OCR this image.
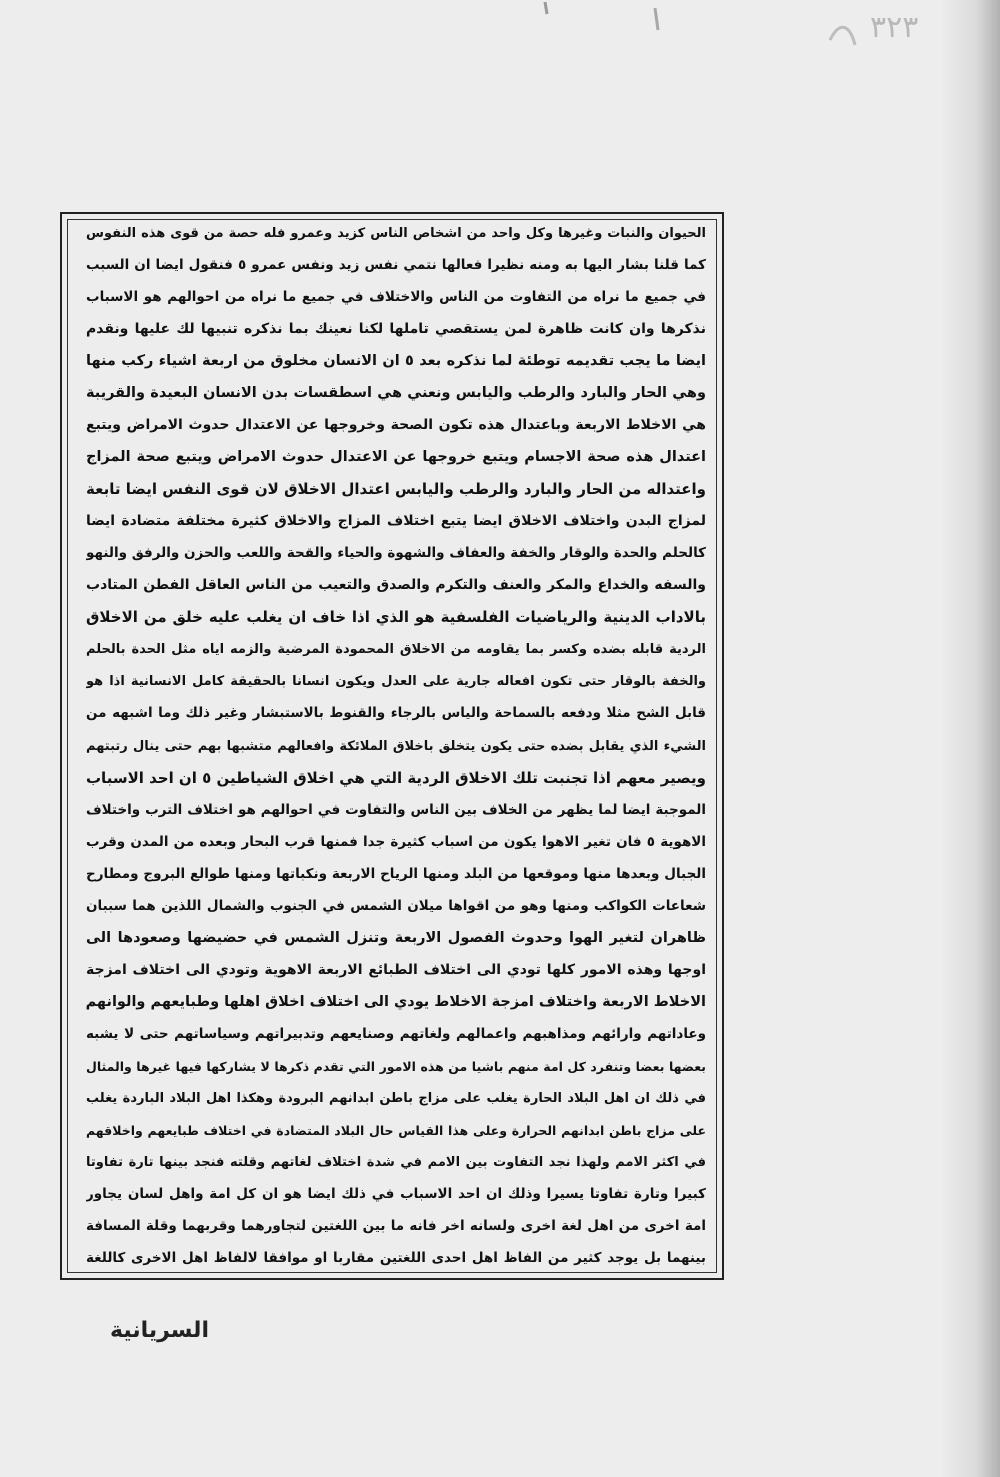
٣٢٣
الحيوان والنبات وغيرها وكل واحد من اشخاص الناس كزيد وعمرو فله حصة من قوى هذه النفوس
كما قلنا بشار اليها به ومنه نظيرا فعالها نتمي نفس زيد ونفس عمرو ٥ فنقول ايضا ان السبب
في جميع ما نراه من التفاوت من الناس والاختلاف في جميع ما نراه من احوالهم هو الاسباب
نذكرها وان كانت ظاهرة لمن يستقصي تاملها لكنا نعينك بما نذكره تنبيها لك عليها ونقدم
ايضا ما يجب تقديمه توطئة لما نذكره بعد ٥ ان الانسان مخلوق من اربعة اشياء ركب منها
وهي الحار والبارد والرطب واليابس ونعني هي اسطقسات بدن الانسان البعيدة والقريبة
هي الاخلاط الاربعة وباعتدال هذه تكون الصحة وخروجها عن الاعتدال حدوث الامراض ويتبع
اعتدال هذه صحة الاجسام ويتبع خروجها عن الاعتدال حدوث الامراض ويتبع صحة المزاج
واعتداله من الحار والبارد والرطب واليابس اعتدال الاخلاق لان قوى النفس ايضا تابعة
لمزاج البدن واختلاف الاخلاق ايضا يتبع اختلاف المزاج والاخلاق كثيرة مختلفة متضادة ايضا
كالحلم والحدة والوقار والخفة والعفاف والشهوة والحياء والقحة واللعب والحزن والرفق والنهو
والسفه والخداع والمكر والعنف والتكرم والصدق والتعيب من الناس العاقل الفطن المتادب
بالاداب الدينية والرياضيات الفلسفية هو الذي اذا خاف ان يغلب عليه خلق من الاخلاق
الردية قابله بضده وكسر بما يقاومه من الاخلاق المحمودة المرضية والزمه اياه مثل الحدة بالحلم
والخفة بالوقار حتى تكون افعاله جارية على العدل ويكون انسانا بالحقيقة كامل الانسانية اذا هو
قابل الشح مثلا ودفعه بالسماحة والياس بالرجاء والقنوط بالاستبشار وغير ذلك وما اشبهه من
الشيء الذي يقابل بضده حتى يكون يتخلق باخلاق الملائكة وافعالهم متشبها بهم حتى ينال رتبتهم
ويصير معهم اذا تجنبت تلك الاخلاق الردية التي هي اخلاق الشياطين ٥ ان احد الاسباب
الموجبة ايضا لما يظهر من الخلاف بين الناس والتفاوت في احوالهم هو اختلاف الترب واختلاف
الاهوية ٥ فان تغير الاهوا يكون من اسباب كثيرة جدا فمنها قرب البحار وبعده من المدن وقرب
الجبال وبعدها منها وموقعها من البلد ومنها الرياح الاربعة ونكباتها ومنها طوالع البروج ومطارح
شعاعات الكواكب ومنها وهو من اقواها ميلان الشمس في الجنوب والشمال اللذين هما سببان
ظاهران لتغير الهوا وحدوث الفصول الاربعة وتنزل الشمس في حضيضها وصعودها الى
اوجها وهذه الامور كلها تودي الى اختلاف الطبائع الاربعة الاهوية وتودي الى اختلاف امزجة
الاخلاط الاربعة واختلاف امزجة الاخلاط يودي الى اختلاف اخلاق اهلها وطبايعهم والوانهم
وعاداتهم وارائهم ومذاهبهم واعمالهم ولغاتهم وصنايعهم وتدبيراتهم وسياساتهم حتى لا يشبه
بعضها بعضا وتنفرد كل امة منهم باشيا من هذه الامور التي تقدم ذكرها لا يشاركها فيها غيرها والمثال
في ذلك ان اهل البلاد الحارة يغلب على مزاج باطن ابدانهم البرودة وهكذا اهل البلاد الباردة يغلب
على مزاج باطن ابدانهم الحرارة وعلى هذا القياس حال البلاد المتضادة في اختلاف طبايعهم واخلاقهم
في اكثر الامم ولهذا نجد التفاوت بين الامم في شدة اختلاف لغاتهم وقلته فنجد بينها تارة تفاوتا
كبيرا وتارة تفاوتا يسيرا وذلك ان احد الاسباب في ذلك ايضا هو ان كل امة واهل لسان يجاور
امة اخرى من اهل لغة اخرى ولسانه اخر فانه ما بين اللغتين لتجاورهما وقربهما وقلة المسافة
بينهما بل يوجد كثير من الفاظ اهل احدى اللغتين مقاربا او موافقا لالفاظ اهل الاخرى كاللغة
السريانية
